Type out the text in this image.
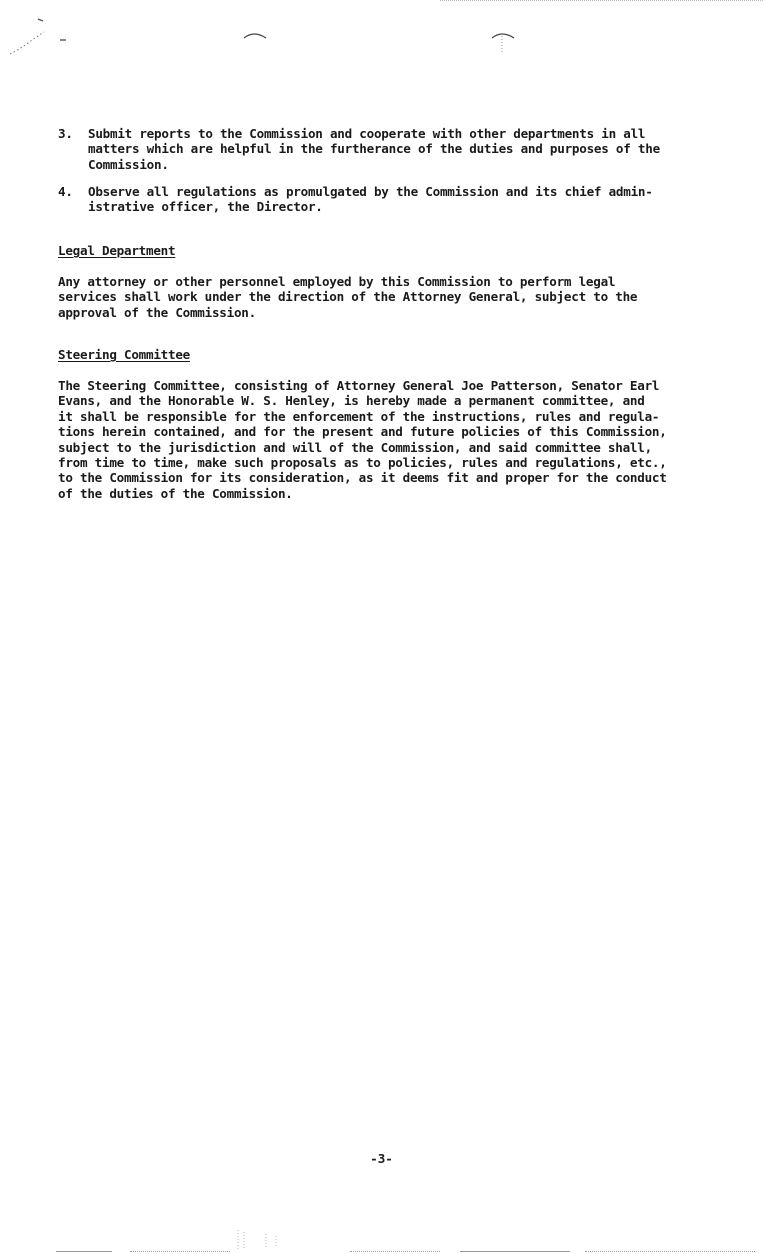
3. Submit reports to the Commission and cooperate with other departments in all
matters which are helpful in the furtherance of the duties and purposes of the
Commission.
4. Observe all regulations as promulgated by the Commission and its chief admin-
istrative officer, the Director.
Legal Department
Any attorney or other personnel employed by this Commission to perform legal
services shall work under the direction of the Attorney General, subject to the
approval of the Commission.
Steering Committee
The Steering Committee, consisting of Attorney General Joe Patterson, Senator Earl
Evans, and the Honorable W. S. Henley, is hereby made a permanent committee, and
it shall be responsible for the enforcement of the instructions, rules and regula-
tions herein contained, and for the present and future policies of this Commission,
subject to the jurisdiction and will of the Commission, and said committee shall,
from time to time, make such proposals as to policies, rules and regulations, etc.,
to the Commission for its consideration, as it deems fit and proper for the conduct
of the duties of the Commission.
-3-
